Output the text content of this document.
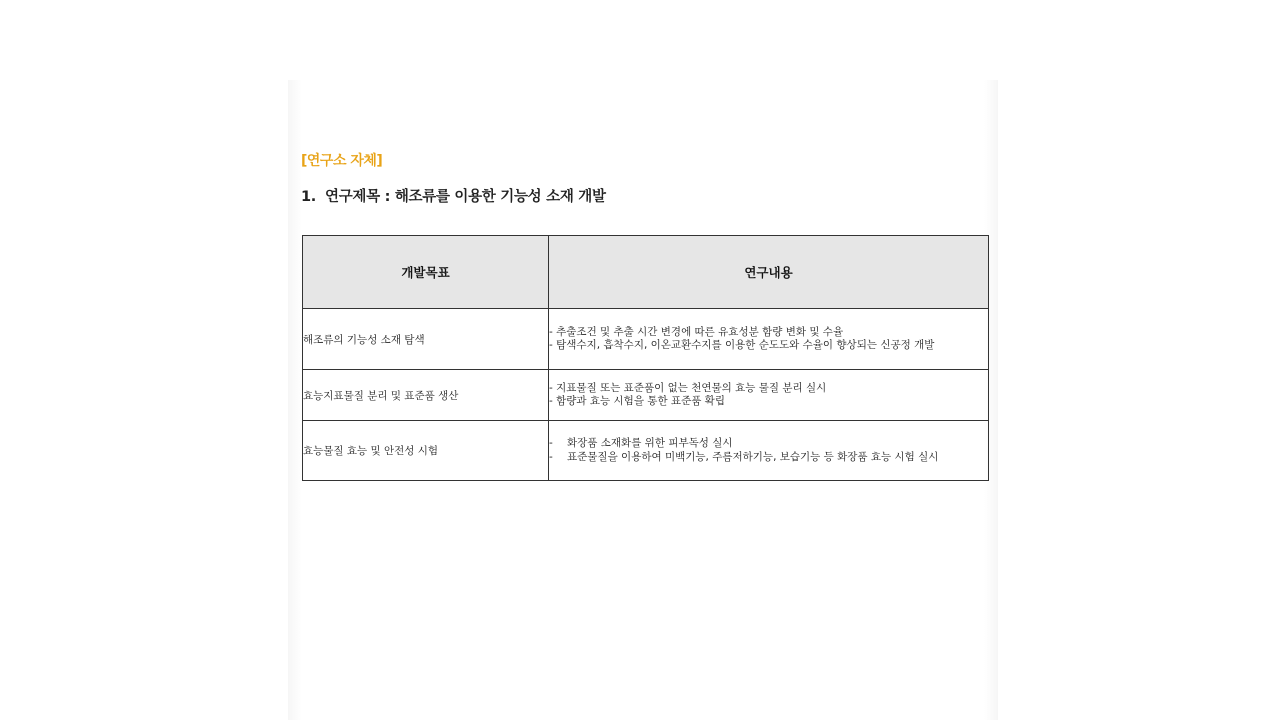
[연구소 자체]
1. 연구제목 : 해조류를 이용한 기능성 소재 개발
개발목표	연구내용
해조류의 기능성 소재 탐색	- 추출조건 및 추출 시간 변경에 따른 유효성분 함량 변화 및 수율
- 탐색수지, 흡착수지, 이온교환수지를 이용한 순도도와 수율이 향상되는 신공정 개발

효능지표물질 분리 및 표준품 생산	- 지표물질 또는 표준품이 없는 천연물의 효능 물질 분리 실시
- 함량과 효능 시험을 통한 표준품 확립

효능물질 효능 및 안전성 시험	- 화장품 소재화를 위한 피부독성 실시
- 표준물질을 이용하여 미백기능, 주름저하기능, 보습기능 등 화장품 효능 시험 실시
